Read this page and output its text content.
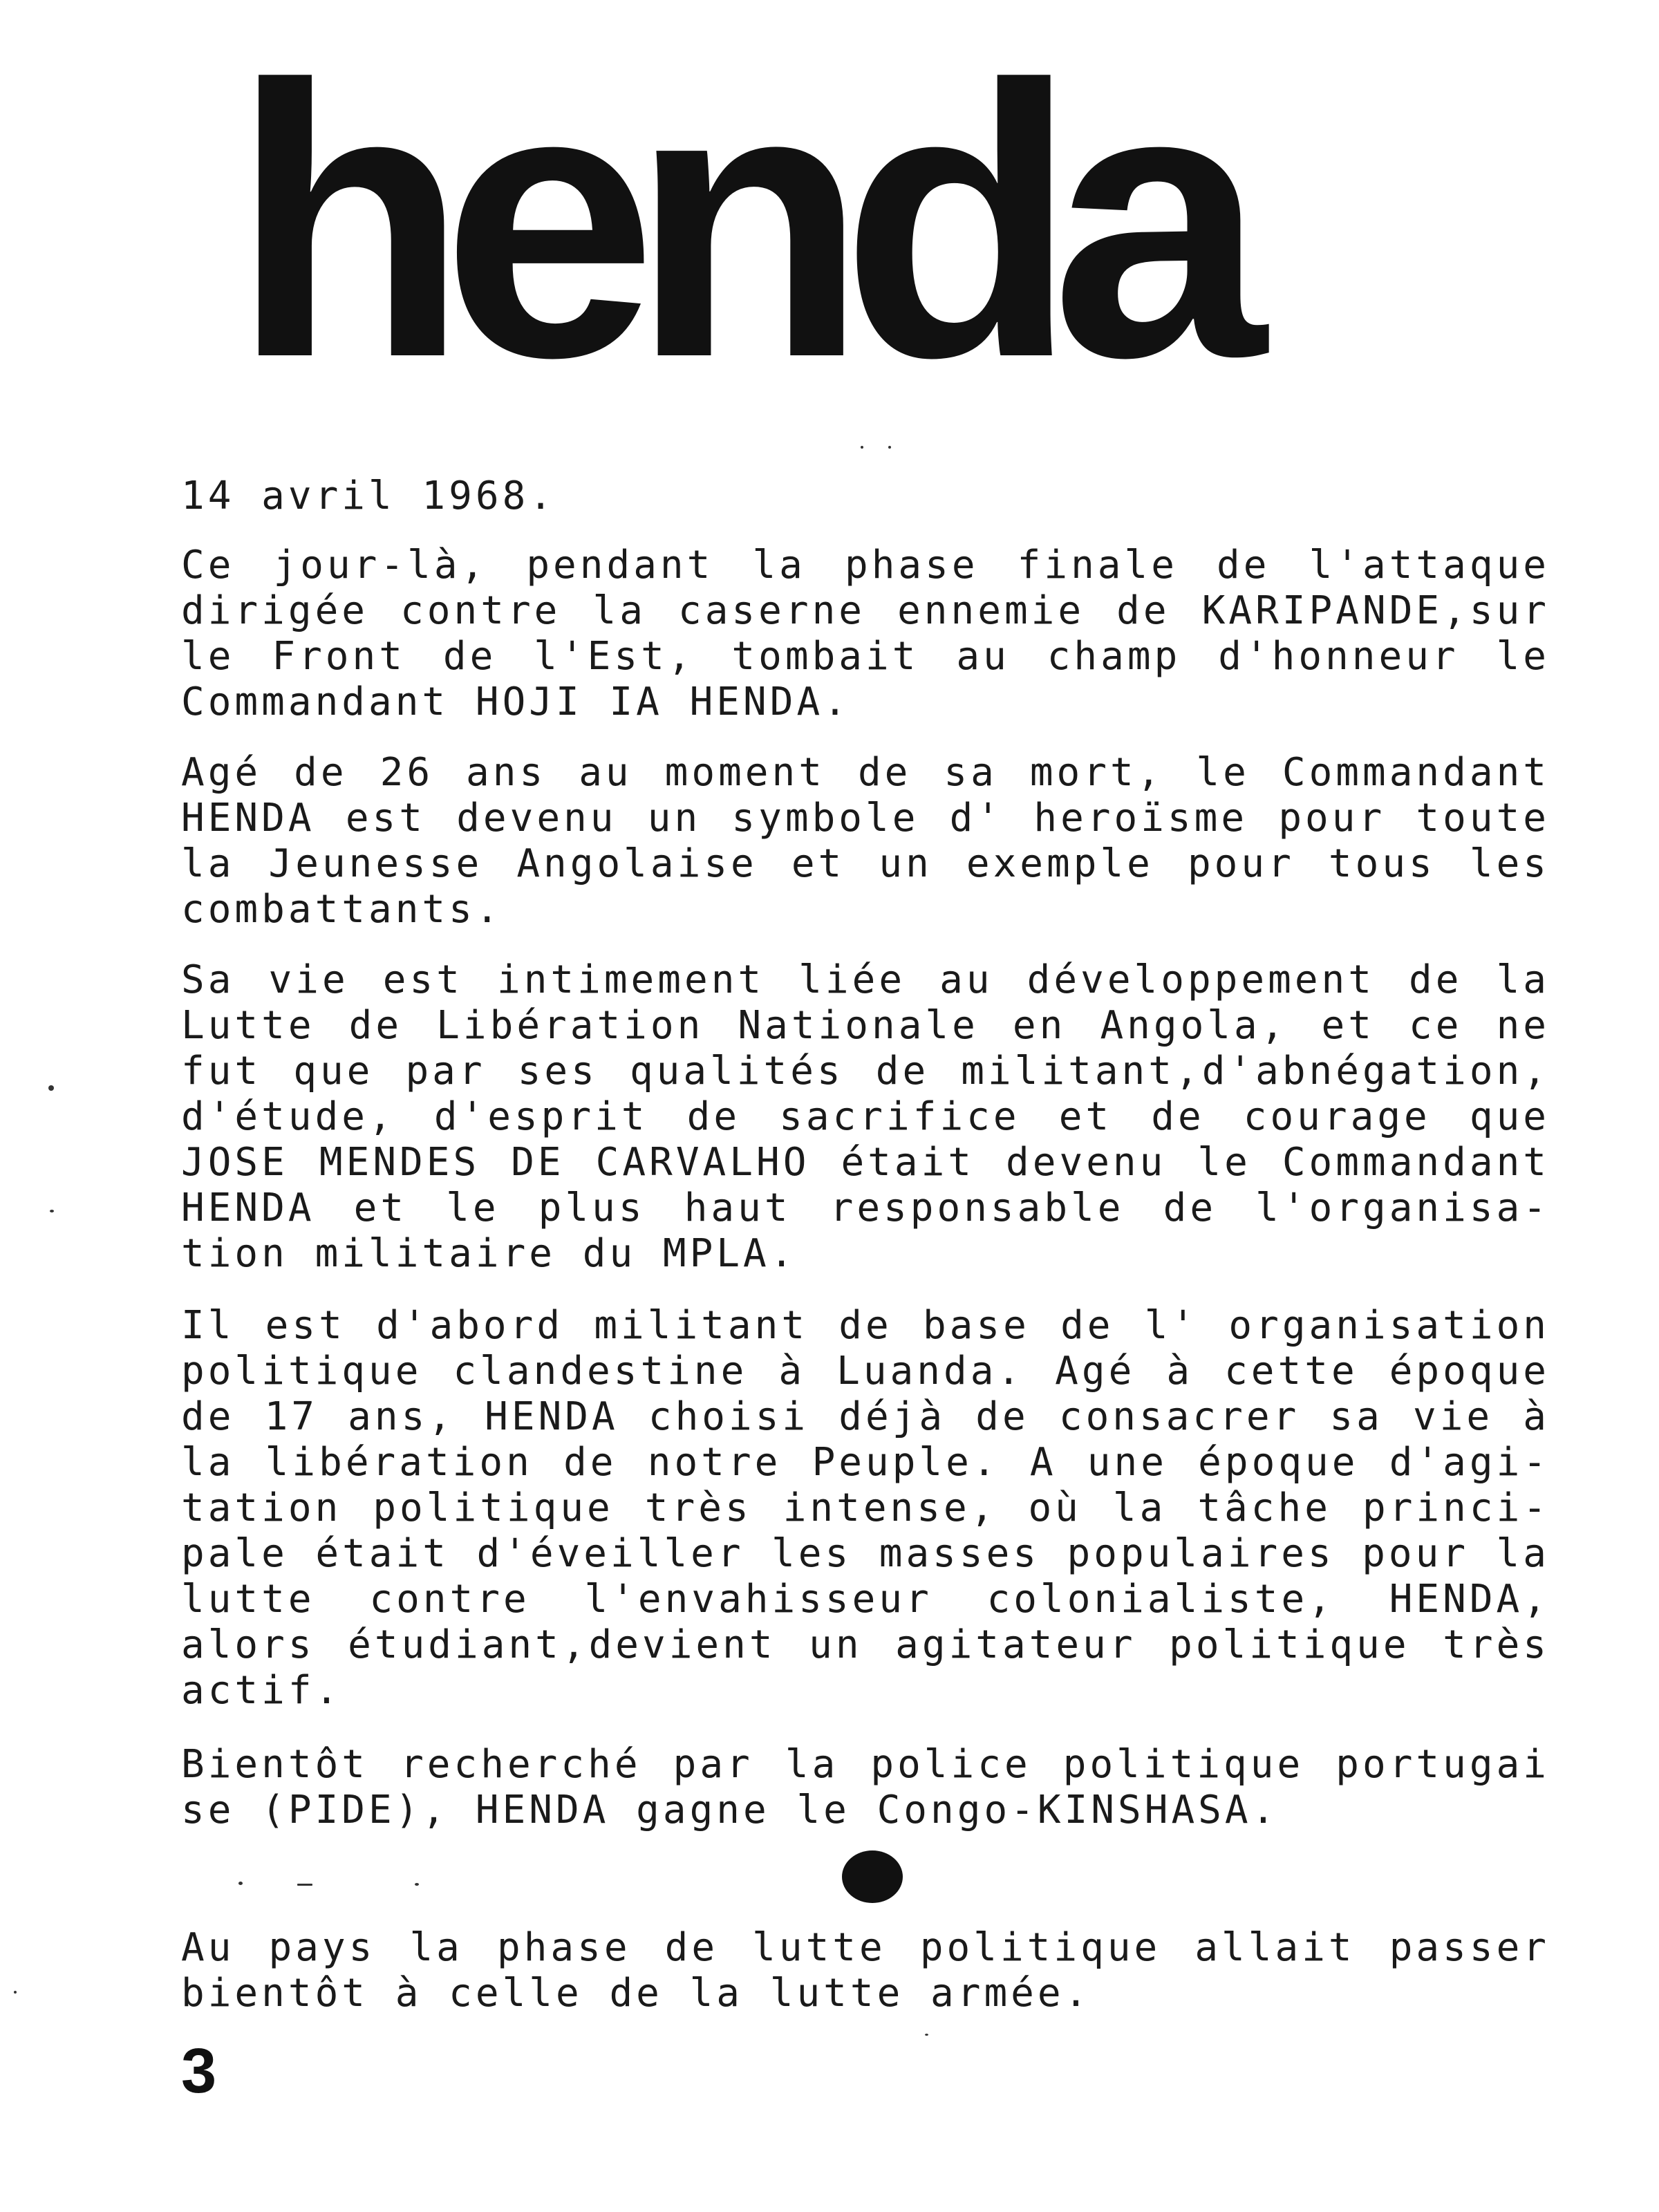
henda
14 avril 1968.

Ce jour-là, pendant la phase finale de l'attaque dirigée contre la caserne ennemie de KARIPANDE,sur le Front de l'Est, tombait au champ d'honneur le Commandant HOJI IA HENDA.

Agé de 26 ans au moment de sa mort, le Commandant HENDA est devenu un symbole d' heroïsme pour toute la Jeunesse Angolaise et un exemple pour tous les combattants.

Sa vie est intimement liée au développement de la Lutte de Libération Nationale en Angola, et ce ne fut que par ses qualités de militant,d'abnégation, d'étude, d'esprit de sacrifice et de courage que JOSE MENDES DE CARVALHO était devenu le Commandant HENDA et le plus haut responsable de l'organisa-tion militaire du MPLA.

Il est d'abord militant de base de l' organisation politique clandestine à Luanda. Agé à cette époque de 17 ans, HENDA choisi déjà de consacrer sa vie à la libération de notre Peuple. A une époque d'agi-tation politique très intense, où la tâche princi-pale était d'éveiller les masses populaires pour la lutte contre l'envahisseur colonialiste, HENDA, alors étudiant,devient un agitateur politique très actif.

Bientôt recherché par la police politique portugai se (PIDE), HENDA gagne le Congo-KINSHASA.

Au pays la phase de lutte politique allait passer bientôt à celle de la lutte armée.

3
